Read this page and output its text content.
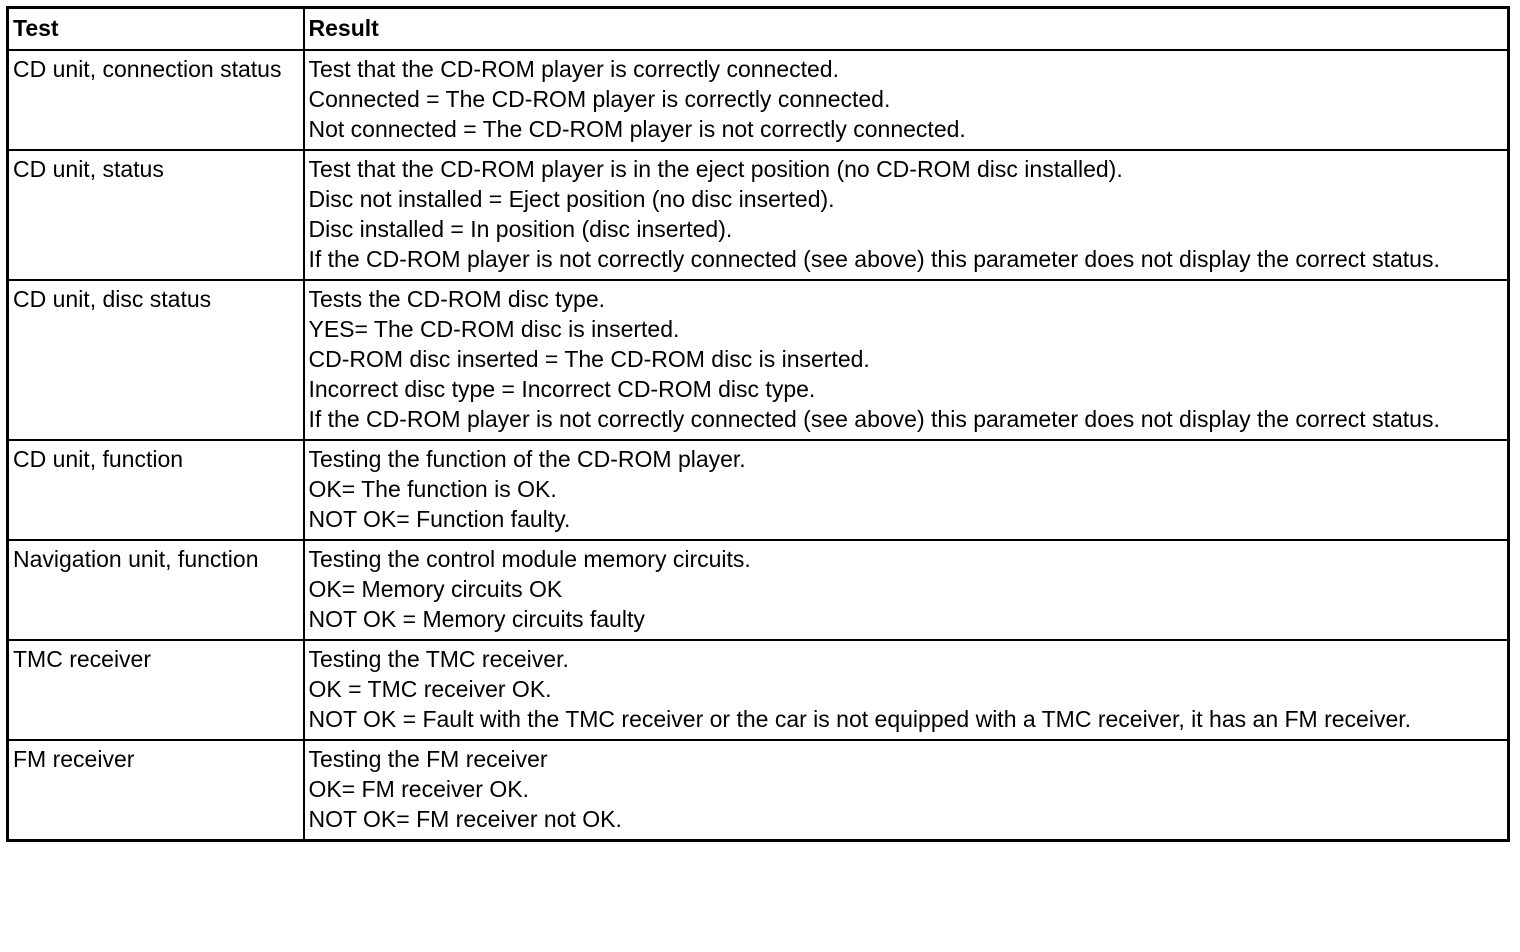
Test	Result
CD unit, connection status	Test that the CD-ROM player is correctly connected.
Connected = The CD-ROM player is correctly connected.
Not connected = The CD-ROM player is not correctly connected.

CD unit, status	Test that the CD-ROM player is in the eject position (no CD-ROM disc installed).
Disc not installed = Eject position (no disc inserted).
Disc installed = In position (disc inserted).
If the CD-ROM player is not correctly connected (see above) this parameter does not display the correct status.

CD unit, disc status	Tests the CD-ROM disc type.
YES= The CD-ROM disc is inserted.
CD-ROM disc inserted = The CD-ROM disc is inserted.
Incorrect disc type = Incorrect CD-ROM disc type.
If the CD-ROM player is not correctly connected (see above) this parameter does not display the correct status.

CD unit, function	Testing the function of the CD-ROM player.
OK= The function is OK.
NOT OK= Function faulty.

Navigation unit, function	Testing the control module memory circuits.
OK= Memory circuits OK
NOT OK = Memory circuits faulty

TMC receiver	Testing the TMC receiver.
OK = TMC receiver OK.
NOT OK = Fault with the TMC receiver or the car is not equipped with a TMC receiver, it has an FM receiver.

FM receiver	Testing the FM receiver
OK= FM receiver OK.
NOT OK= FM receiver not OK.
